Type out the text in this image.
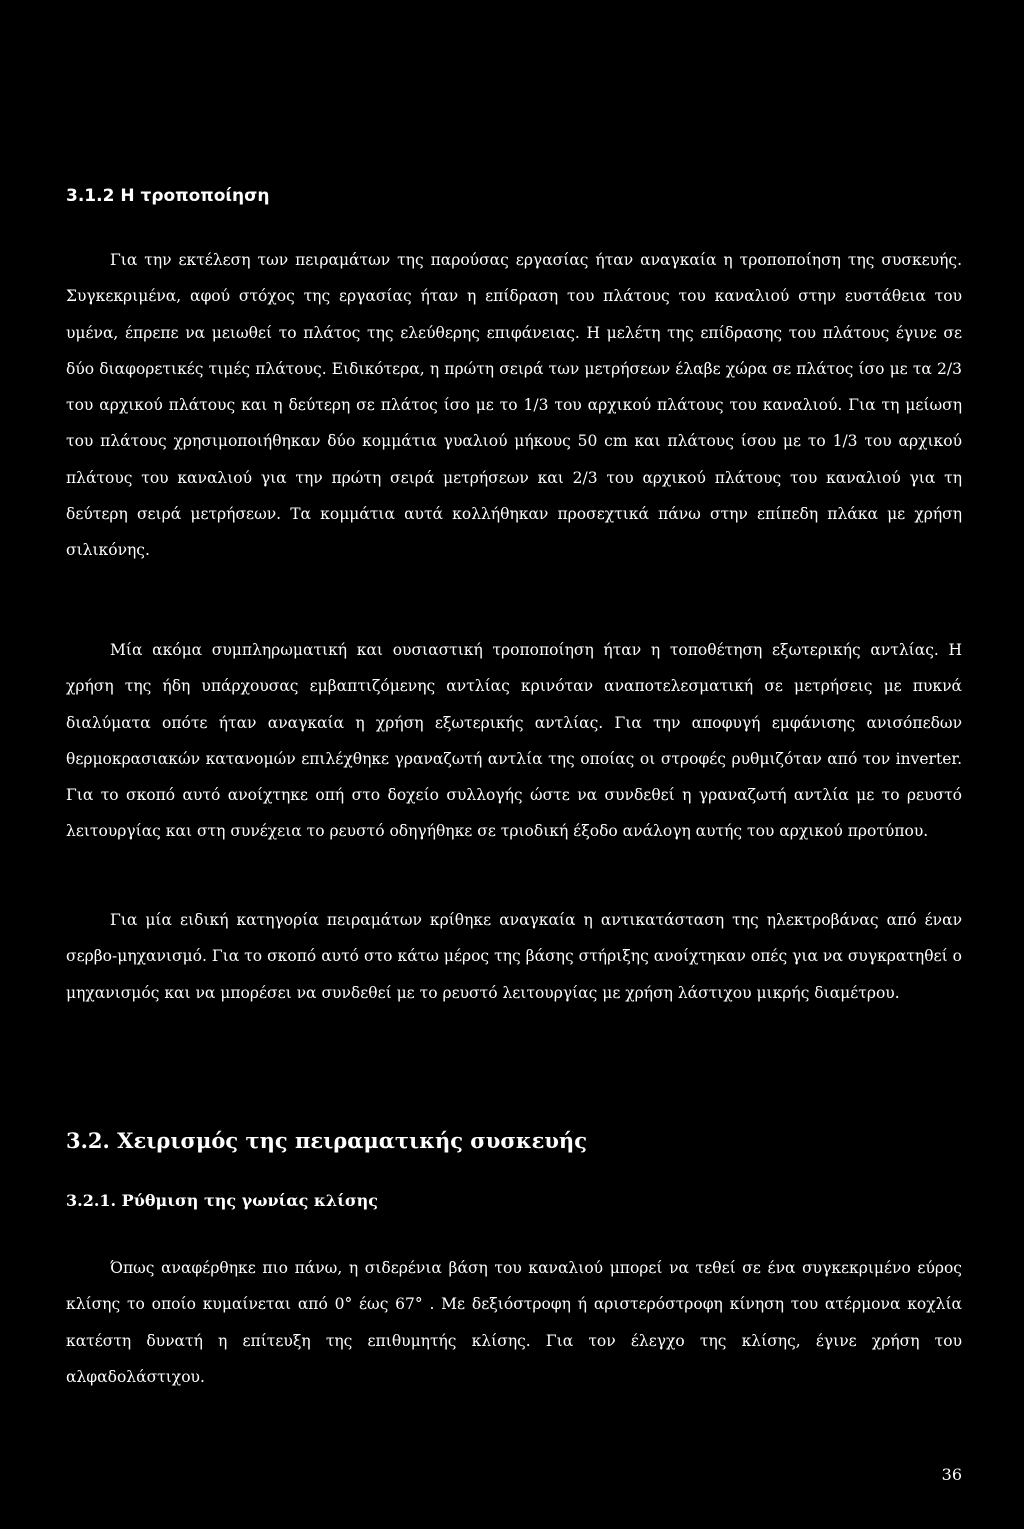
3.1.2 Η τροποποίηση

Για την εκτέλεση των πειραμάτων της παρούσας εργασίας ήταν αναγκαία η τροποποίηση της συσκευής. Συγκεκριμένα, αφού στόχος της εργασίας ήταν η επίδραση του πλάτους του καναλιού στην ευστάθεια του υμένα, έπρεπε να μειωθεί το πλάτος της ελεύθερης επιφάνειας. Η μελέτη της επίδρασης του πλάτους έγινε σε δύο διαφορετικές τιμές πλάτους. Ειδικότερα, η πρώτη σειρά των μετρήσεων έλαβε χώρα σε πλάτος ίσο με τα 2/3 του αρχικού πλάτους και η δεύτερη σε πλάτος ίσο με το 1/3 του αρχικού πλάτους του καναλιού. Για τη μείωση του πλάτους χρησιμοποιήθηκαν δύο κομμάτια γυαλιού μήκους 50 cm και πλάτους ίσου με το 1/3 του αρχικού πλάτους του καναλιού για την πρώτη σειρά μετρήσεων και 2/3 του αρχικού πλάτους του καναλιού για τη δεύτερη σειρά μετρήσεων. Τα κομμάτια αυτά κολλήθηκαν προσεχτικά πάνω στην επίπεδη πλάκα με χρήση σιλικόνης.

Μία ακόμα συμπληρωματική και ουσιαστική τροποποίηση ήταν η τοποθέτηση εξωτερικής αντλίας. Η χρήση της ήδη υπάρχουσας εμβαπτιζόμενης αντλίας κρινόταν αναποτελεσματική σε μετρήσεις με πυκνά διαλύματα οπότε ήταν αναγκαία η χρήση εξωτερικής αντλίας. Για την αποφυγή εμφάνισης ανισόπεδων θερμοκρασιακών κατανομών επιλέχθηκε γραναζωτή αντλία της οποίας οι στροφές ρυθμιζόταν από τον inverter. Για το σκοπό αυτό ανοίχτηκε οπή στο δοχείο συλλογής ώστε να συνδεθεί η γραναζωτή αντλία με το ρευστό λειτουργίας και στη συνέχεια το ρευστό οδηγήθηκε σε τριοδική έξοδο ανάλογη αυτής του αρχικού προτύπου.

Για μία ειδική κατηγορία πειραμάτων κρίθηκε αναγκαία η αντικατάσταση της ηλεκτροβάνας από έναν σερβο-μηχανισμό. Για το σκοπό αυτό στο κάτω μέρος της βάσης στήριξης ανοίχτηκαν οπές για να συγκρατηθεί ο μηχανισμός και να μπορέσει να συνδεθεί με το ρευστό λειτουργίας με χρήση λάστιχου μικρής διαμέτρου.

3.2. Χειρισμός της πειραματικής συσκευής
3.2.1. Ρύθμιση της γωνίας κλίσης

Όπως αναφέρθηκε πιο πάνω, η σιδερένια βάση του καναλιού μπορεί να τεθεί σε ένα συγκεκριμένο εύρος κλίσης το οποίο κυμαίνεται από 0° έως 67° . Με δεξιόστροφη ή αριστερόστροφη κίνηση του ατέρμονα κοχλία κατέστη δυνατή η επίτευξη της επιθυμητής κλίσης. Για τον έλεγχο της κλίσης, έγινε χρήση του αλφαδολάστιχου.

36
